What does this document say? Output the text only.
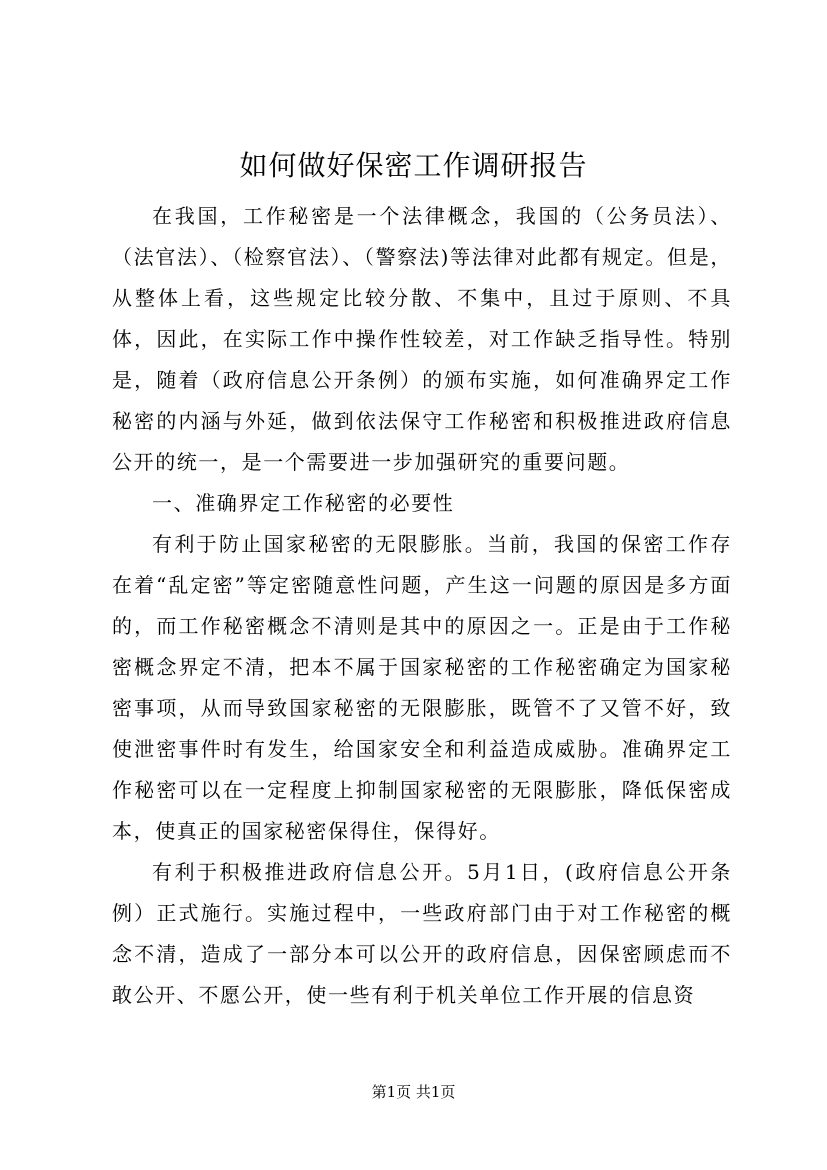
如何做好保密工作调研报告

在我国，工作秘密是一个法律概念，我国的（公务员法）、（法官法）、（检察官法）、（警察法)等法律对此都有规定。但是，从整体上看，这些规定比较分散、不集中，且过于原则、不具体，因此，在实际工作中操作性较差，对工作缺乏指导性。特别是，随着（政府信息公开条例）的颁布实施，如何准确界定工作秘密的内涵与外延，做到依法保守工作秘密和积极推进政府信息公开的统一，是一个需要进一步加强研究的重要问题。

一、准确界定工作秘密的必要性

有利于防止国家秘密的无限膨胀。当前，我国的保密工作存在着“乱定密”等定密随意性问题，产生这一问题的原因是多方面的，而工作秘密概念不清则是其中的原因之一。正是由于工作秘密概念界定不清，把本不属于国家秘密的工作秘密确定为国家秘密事项，从而导致国家秘密的无限膨胀，既管不了又管不好，致使泄密事件时有发生，给国家安全和利益造成威胁。准确界定工作秘密可以在一定程度上抑制国家秘密的无限膨胀，降低保密成本，使真正的国家秘密保得住，保得好。

有利于积极推进政府信息公开。5月1日，(政府信息公开条例）正式施行。实施过程中，一些政府部门由于对工作秘密的概念不清，造成了一部分本可以公开的政府信息，因保密顾虑而不敢公开、不愿公开，使一些有利于机关单位工作开展的信息资

第1页 共1页
